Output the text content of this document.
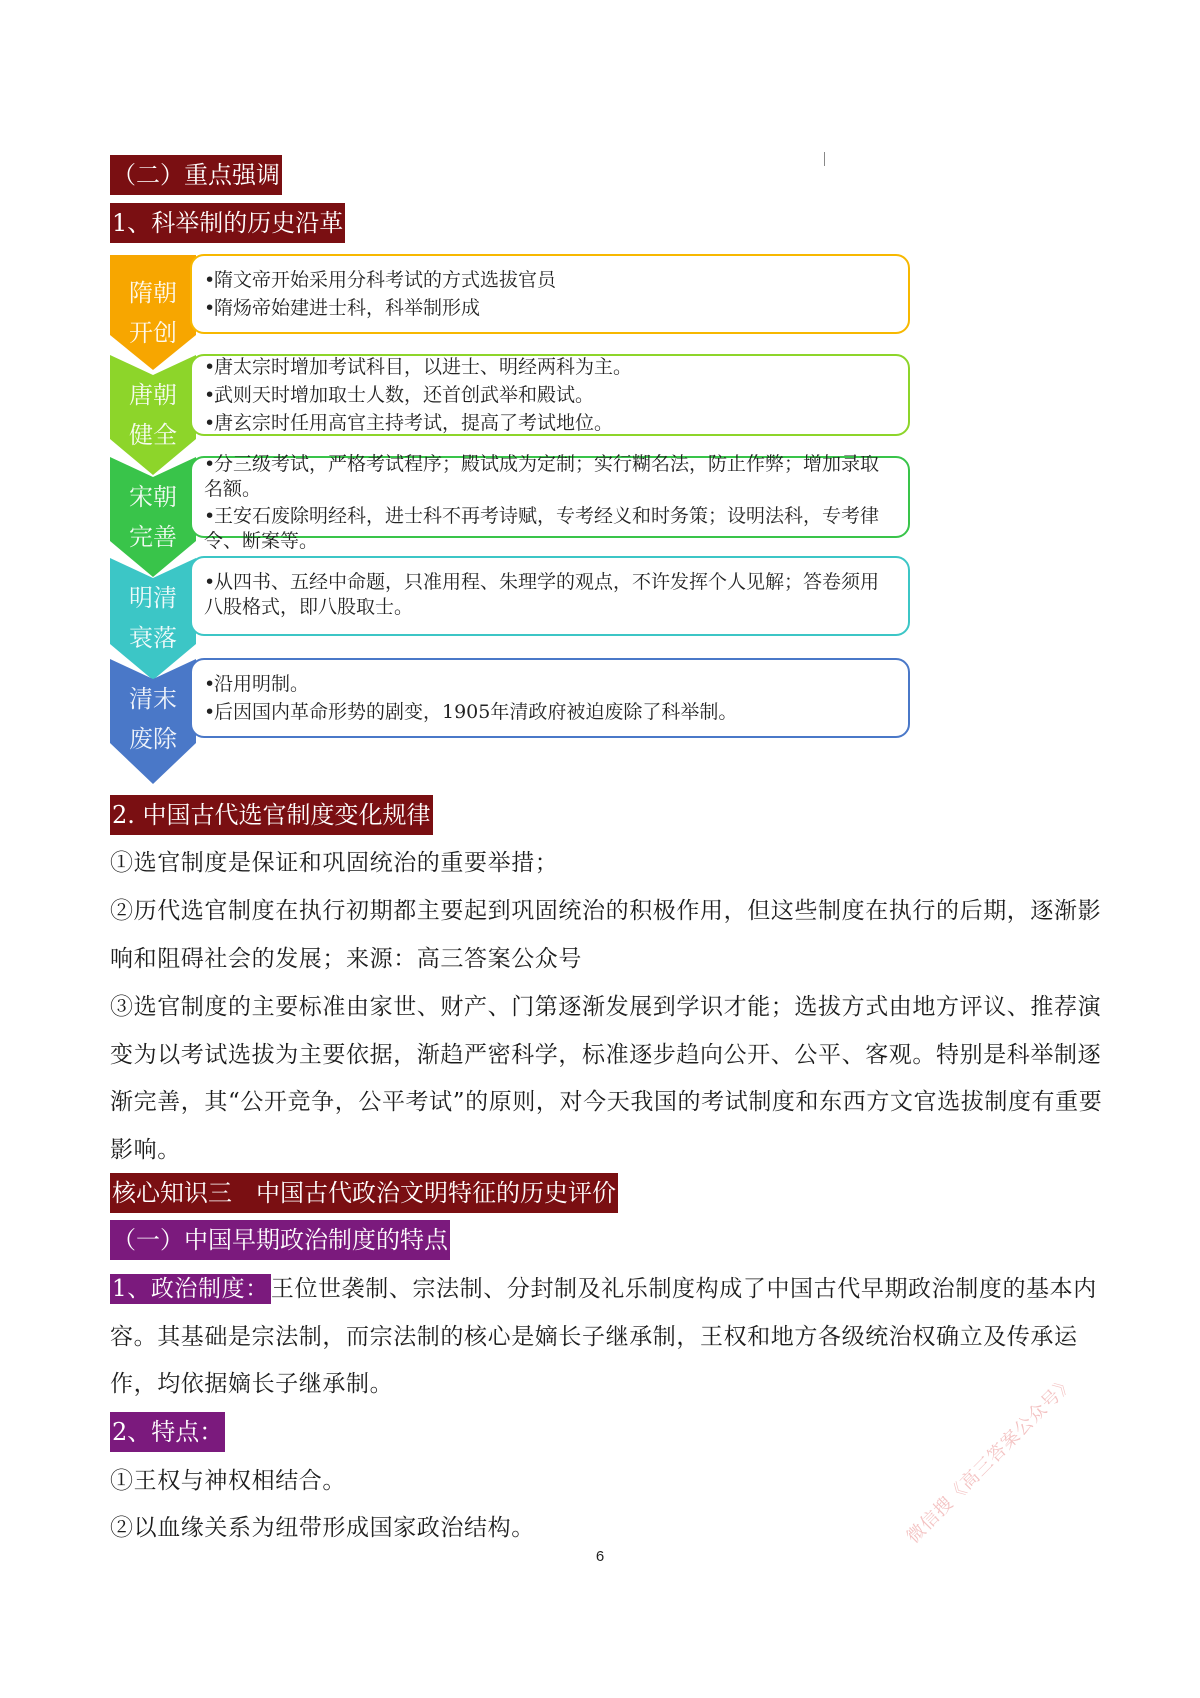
（二）重点强调
1、科举制的历史沿革
隋朝
开创
•隋文帝开始采用分科考试的方式选拔官员
•隋炀帝始建进士科，科举制形成
唐朝
健全
•唐太宗时增加考试科目，以进士、明经两科为主。
•武则天时增加取士人数，还首创武举和殿试。
•唐玄宗时任用高官主持考试，提高了考试地位。
宋朝
完善
•分三级考试，严格考试程序；殿试成为定制；实行糊名法，防止作弊；增加录取名额。
•王安石废除明经科，进士科不再考诗赋，专考经义和时务策；设明法科，专考律令、断案等。
明清
衰落
•从四书、五经中命题，只准用程、朱理学的观点，不许发挥个人见解；答卷须用八股格式，即八股取士。
清末
废除
•沿用明制。
•后因国内革命形势的剧变，1905年清政府被迫废除了科举制。
2. 中国古代选官制度变化规律
①选官制度是保证和巩固统治的重要举措；
②历代选官制度在执行初期都主要起到巩固统治的积极作用，但这些制度在执行的后期，逐渐影响和阻碍社会的发展；来源：高三答案公众号
③选官制度的主要标准由家世、财产、门第逐渐发展到学识才能；选拔方式由地方评议、推荐演变为以考试选拔为主要依据，渐趋严密科学，标准逐步趋向公开、公平、客观。特别是科举制逐渐完善，其“公开竞争，公平考试”的原则，对今天我国的考试制度和东西方文官选拔制度有重要影响。
核心知识三　中国古代政治文明特征的历史评价
（一）中国早期政治制度的特点
1、政治制度：王位世袭制、宗法制、分封制及礼乐制度构成了中国古代早期政治制度的基本内容。其基础是宗法制，而宗法制的核心是嫡长子继承制，王权和地方各级统治权确立及传承运作，均依据嫡长子继承制。
2、特点：
①王权与神权相结合。
②以血缘关系为纽带形成国家政治结构。
6
微信搜《高三答案公众号》
